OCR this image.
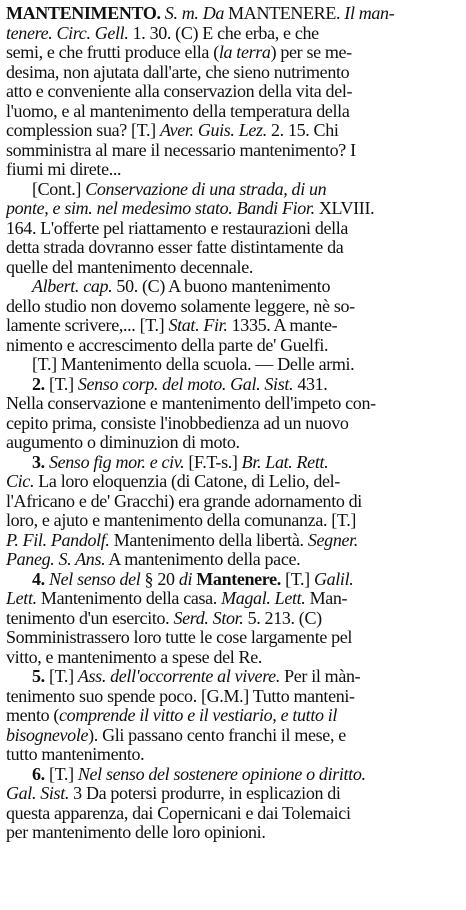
MANTENIMENTO. S. m. Da MANTENERE. Il man-
tenere. Circ. Gell. 1. 30. (C) E che erba, e che
semi, e che frutti produce ella (la terra) per se me-
desima, non ajutata dall'arte, che sieno nutrimento
atto e conveniente alla conservazion della vita del-
l'uomo, e al mantenimento della temperatura della
complession sua? [T.] Aver. Guis. Lez. 2. 15. Chi
somministra al mare il necessario mantenimento? I
fiumi mi direte...
[Cont.] Conservazione di una strada, di un
ponte, e sim. nel medesimo stato. Bandi Fior. XLVIII.
164. L'offerte pel riattamento e restaurazioni della
detta strada dovranno esser fatte distintamente da
quelle del mantenimento decennale.
Albert. cap. 50. (C) A buono mantenimento
dello studio non dovemo solamente leggere, nè so-
lamente scrivere,... [T.] Stat. Fir. 1335. A mante-
nimento e accrescimento della parte de' Guelfi.
[T.] Mantenimento della scuola. — Delle armi.
2. [T.] Senso corp. del moto. Gal. Sist. 431.
Nella conservazione e mantenimento dell'impeto con-
cepito prima, consiste l'inobbedienza ad un nuovo
augumento o diminuzion di moto.
3. Senso fig mor. e civ. [F.T-s.] Br. Lat. Rett.
Cic. La loro eloquenzia (di Catone, di Lelio, del-
l'Africano e de' Gracchi) era grande adornamento di
loro, e ajuto e mantenimento della comunanza. [T.]
P. Fil. Pandolf. Mantenimento della libertà. Segner.
Paneg. S. Ans. A mantenimento della pace.
4. Nel senso del § 20 di Mantenere. [T.] Galil.
Lett. Mantenimento della casa. Magal. Lett. Man-
tenimento d'un esercito. Serd. Stor. 5. 213. (C)
Somministrassero loro tutte le cose largamente pel
vitto, e mantenimento a spese del Re.
5. [T.] Ass. dell'occorrente al vivere. Per il màn-
tenimento suo spende poco. [G.M.] Tutto manteni-
mento (comprende il vitto e il vestiario, e tutto il
bisognevole). Gli passano cento franchi il mese, e
tutto mantenimento.
6. [T.] Nel senso del sostenere opinione o diritto.
Gal. Sist. 3 Da potersi produrre, in esplicazion di
questa apparenza, dai Copernicani e dai Tolemaici
per mantenimento delle loro opinioni.
